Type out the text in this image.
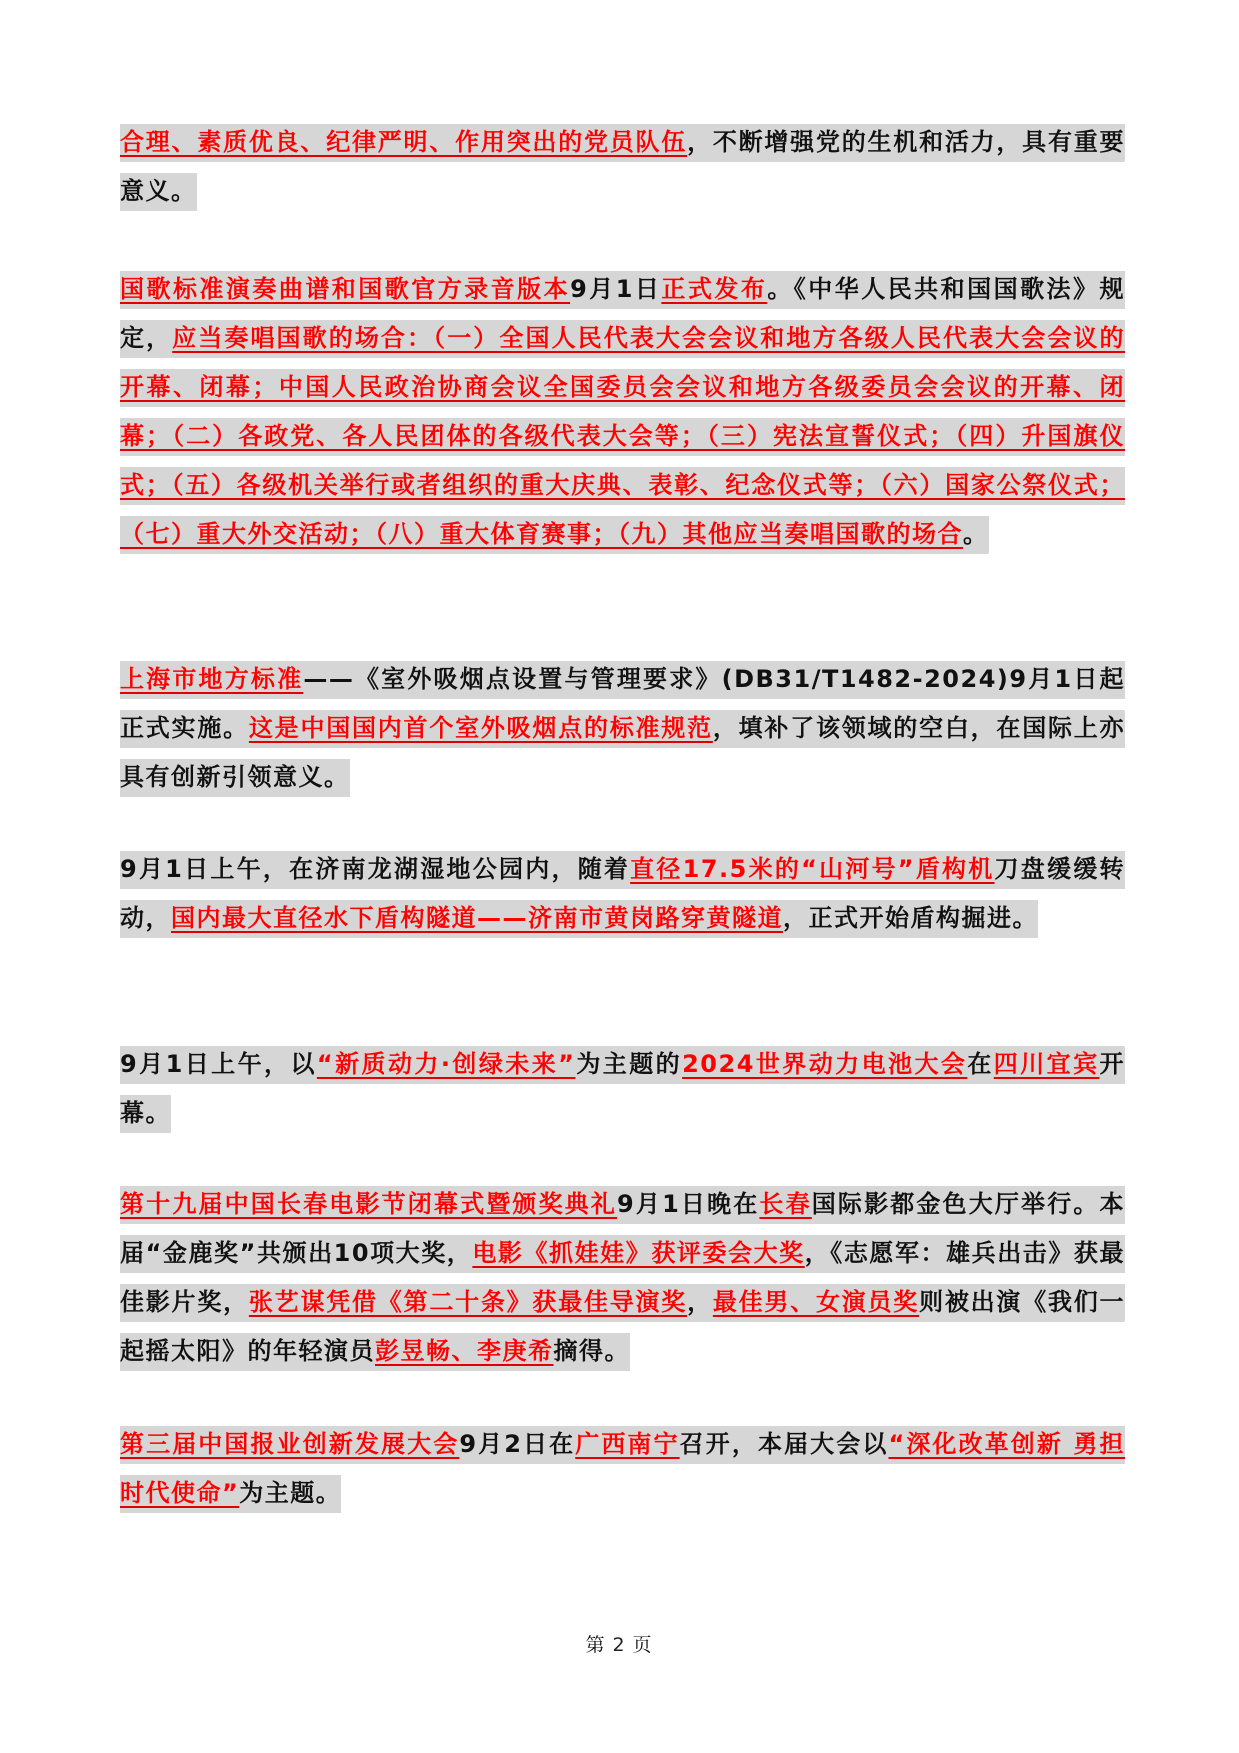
合理、素质优良、纪律严明、作用突出的党员队伍，不断增强党的生机和活力，具有重要意义。
国歌标准演奏曲谱和国歌官方录音版本9月1日正式发布。《中华人民共和国国歌法》规定，应当奏唱国歌的场合：（一）全国人民代表大会会议和地方各级人民代表大会会议的开幕、闭幕；中国人民政治协商会议全国委员会会议和地方各级委员会会议的开幕、闭幕；（二）各政党、各人民团体的各级代表大会等；（三）宪法宣誓仪式；（四）升国旗仪式；（五）各级机关举行或者组织的重大庆典、表彰、纪念仪式等；（六）国家公祭仪式；（七）重大外交活动；（八）重大体育赛事；（九）其他应当奏唱国歌的场合。
上海市地方标准——《室外吸烟点设置与管理要求》(DB31/T1482-2024)9月1日起正式实施。这是中国国内首个室外吸烟点的标准规范，填补了该领域的空白，在国际上亦具有创新引领意义。
9月1日上午，在济南龙湖湿地公园内，随着直径17.5米的“山河号”盾构机刀盘缓缓转动，国内最大直径水下盾构隧道——济南市黄岗路穿黄隧道，正式开始盾构掘进。
9月1日上午，以“新质动力·创绿未来”为主题的2024世界动力电池大会在四川宜宾开幕。
第十九届中国长春电影节闭幕式暨颁奖典礼9月1日晚在长春国际影都金色大厅举行。本届“金鹿奖”共颁出10项大奖，电影《抓娃娃》获评委会大奖，《志愿军：雄兵出击》获最佳影片奖，张艺谋凭借《第二十条》获最佳导演奖，最佳男、女演员奖则被出演《我们一起摇太阳》的年轻演员彭昱畅、李庚希摘得。
第三届中国报业创新发展大会9月2日在广西南宁召开，本届大会以“深化改革创新 勇担时代使命”为主题。
第 2 页
